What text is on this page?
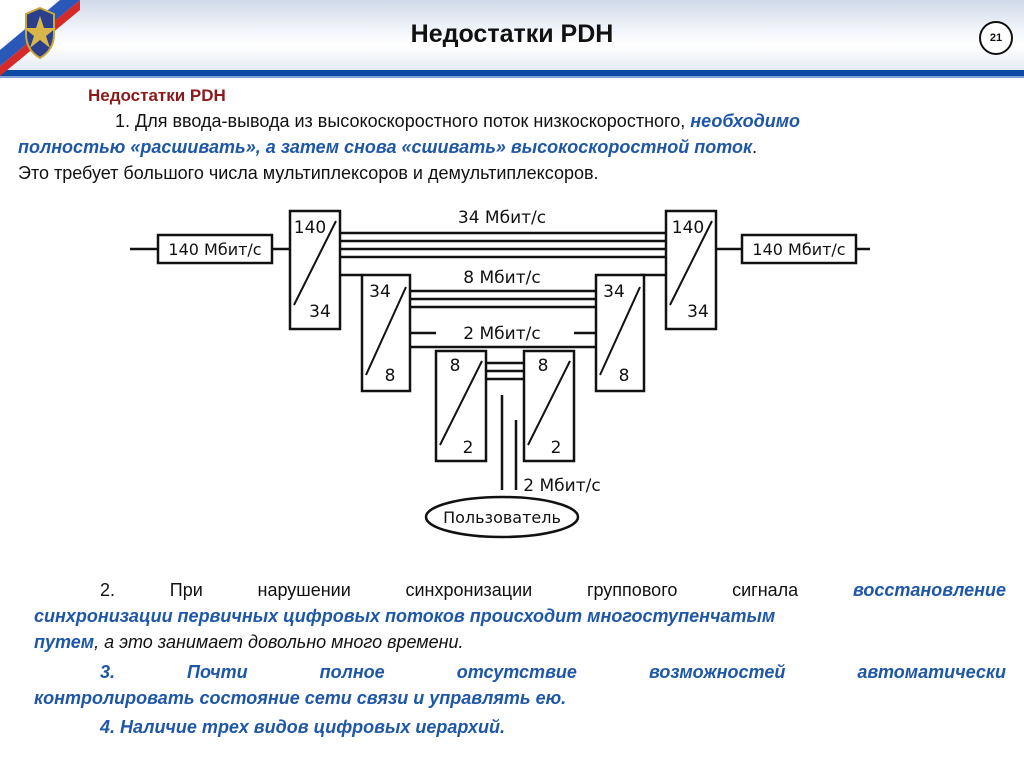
Недостатки PDH	21
Недостатки PDH
1. Для ввода-вывода из высокоскоростного поток низкоскоростного, необходимо
полностью «расшивать», а затем снова «сшивать» высокоскоростной поток.
Это требует большого числа мультиплексоров и демультиплексоров.
140 Мбит/с	140 Мбит/с
140
34
140
34
34
8
34
8
8
2
8
2
34 Мбит/с
8 Мбит/с
2 Мбит/с
2 Мбит/с
Пользователь
2.	При	нарушении	синхронизации	группового	сигнала	восстановление
синхронизации первичных цифровых потоков происходит многоступенчатым
путем, а это занимает довольно много времени.
3.	Почти	полное	отсутствие	возможностей	автоматически
контролировать состояние сети связи и управлять ею.
4. Наличие трех видов цифровых иерархий.
